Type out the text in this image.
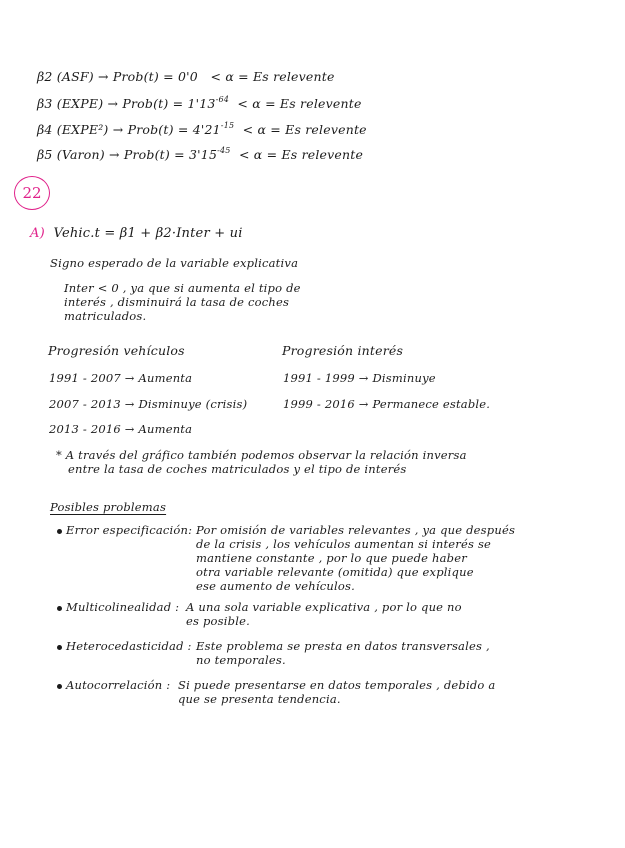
β2 (ASF) → Prob(t) = 0'0 < α = Es relevente
β3 (EXPE) → Prob(t) = $1'13^{-64} < \alpha = Es$ relevente
β4 (EXPE²) → Prob(t) = $4'21^{-15} < \alpha = Es$ relevente
β5 (Varon) → Prob(t) = $3'15^{-45} < \alpha = Es$ relevente
22
A) Vehic.t = β1 + β2·Inter + ui
Signo esperado de la variable explicativa
Inter < 0 , ya que si aumenta el tipo de
interés , disminuirá la tasa de coches
matriculados.
Progresión vehículos	Progresión interés
1991 - 2007 → Aumenta
2007 - 2013 → Disminuye (crisis)
2013 - 2016 → Aumenta
1991 - 1999 → Disminuye
1999 - 2016 → Permanece estable.
* A través del gráfico también podemos observar la relación inversa
entre la tasa de coches matriculados y el tipo de interés
Posibles problemas
Error especificación: Por omisión de variables relevantes , ya que después
de la crisis , los vehículos aumentan si interés se
mantiene constante , por lo que puede haber
otra variable relevante (omitida) que explique
ese aumento de vehículos.
Multicolinealidad : A una sola variable explicativa , por lo que no
es posible.
Heterocedasticidad : Este problema se presta en datos transversales ,
no temporales.
Autocorrelación : Si puede presentarse en datos temporales , debido a
que se presenta tendencia.
